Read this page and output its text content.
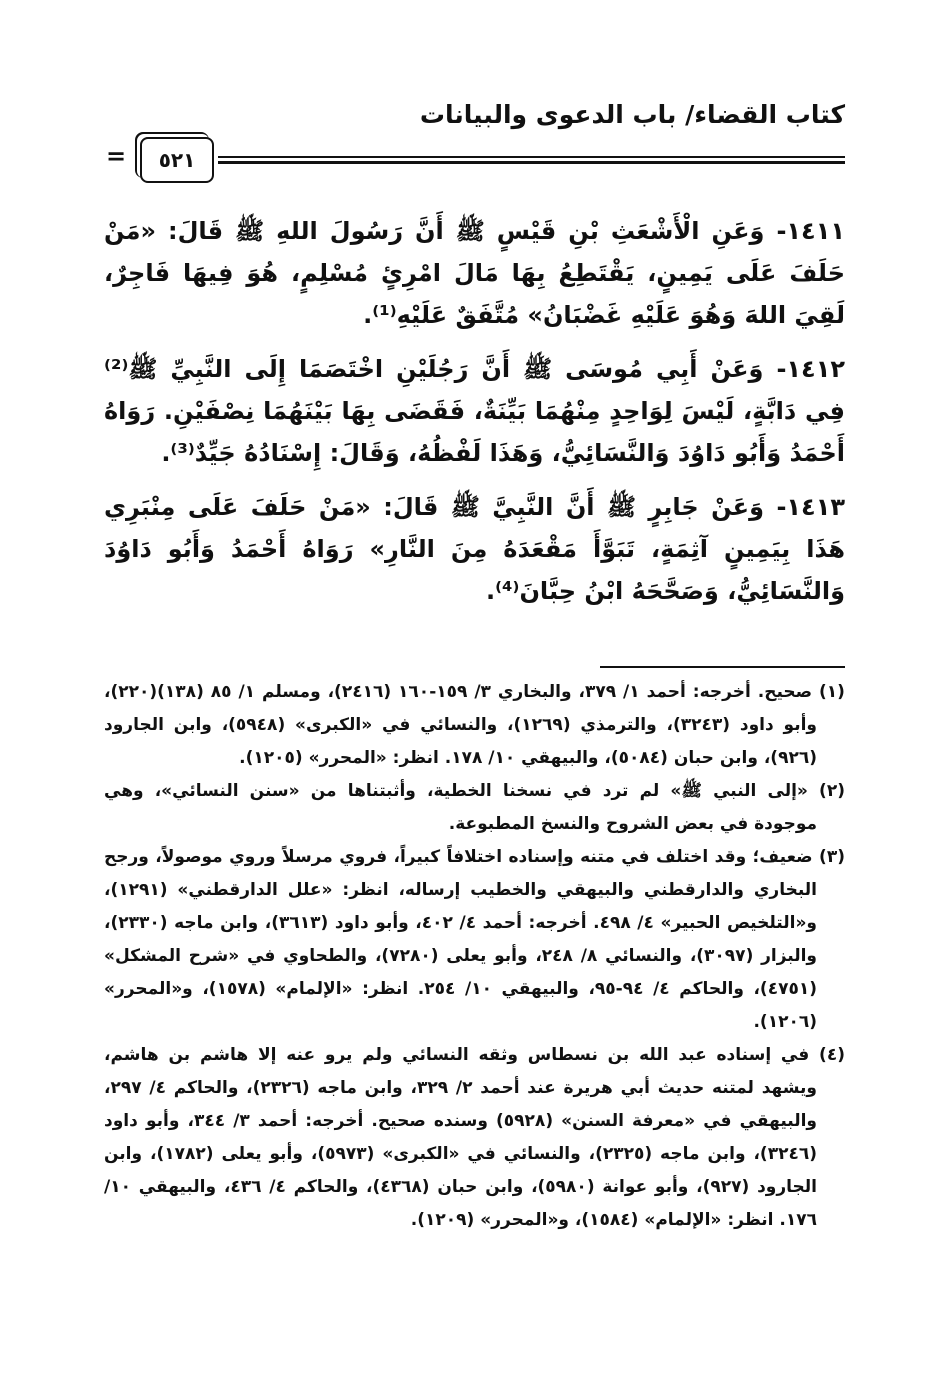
كتاب القضاء/ باب الدعوى والبيانات
=	٥٢١

١٤١١- وَعَنِ الْأَشْعَثِ بْنِ قَيْسٍ ﷺ أَنَّ رَسُولَ اللهِ ﷺ قَالَ: «مَنْ حَلَفَ عَلَى يَمِينٍ، يَقْتَطِعُ بِهَا مَالَ امْرِئٍ مُسْلِمٍ، هُوَ فِيهَا فَاجِرٌ، لَقِيَ اللهَ وَهُوَ عَلَيْهِ غَضْبَانُ» مُتَّفَقٌ عَلَيْهِ⁽¹⁾.

١٤١٢- وَعَنْ أَبِي مُوسَى ﷺ أَنَّ رَجُلَيْنِ اخْتَصَمَا إِلَى النَّبِيِّ ﷺ⁽²⁾ فِي دَابَّةٍ، لَيْسَ لِوَاحِدٍ مِنْهُمَا بَيِّنَةٌ، فَقَضَى بِهَا بَيْنَهُمَا نِصْفَيْنِ. رَوَاهُ أَحْمَدُ وَأَبُو دَاوُدَ وَالنَّسَائِيُّ، وَهَذَا لَفْظُهُ، وَقَالَ: إِسْنَادُهُ جَيِّدٌ⁽³⁾.

١٤١٣- وَعَنْ جَابِرٍ ﷺ أَنَّ النَّبِيَّ ﷺ قَالَ: «مَنْ حَلَفَ عَلَى مِنْبَرِي هَذَا بِيَمِينٍ آثِمَةٍ، تَبَوَّأَ مَقْعَدَهُ مِنَ النَّارِ» رَوَاهُ أَحْمَدُ وَأَبُو دَاوُدَ وَالنَّسَائِيُّ، وَصَحَّحَهُ ابْنُ حِبَّانَ⁽⁴⁾.

(١) صحيح. أخرجه: أحمد ١/ ٣٧٩، والبخاري ٣/ ١٥٩-١٦٠ (٢٤١٦)، ومسلم ١/ ٨٥ (١٣٨)(٢٢٠)، وأبو داود (٣٢٤٣)، والترمذي (١٢٦٩)، والنسائي في «الكبرى» (٥٩٤٨)، وابن الجارود (٩٢٦)، وابن حبان (٥٠٨٤)، والبيهقي ١٠/ ١٧٨. انظر: «المحرر» (١٢٠٥).

(٢) «إلى النبي ﷺ» لم ترد في نسخنا الخطية، وأثبتناها من «سنن النسائي»، وهي موجودة في بعض الشروح والنسخ المطبوعة.

(٣) ضعيف؛ وقد اختلف في متنه وإسناده اختلافاً كبيراً، فروي مرسلاً وروي موصولاً، ورجح البخاري والدارقطني والبيهقي والخطيب إرساله، انظر: «علل الدارقطني» (١٢٩١)، و«التلخيص الحبير» ٤/ ٤٩٨. أخرجه: أحمد ٤/ ٤٠٢، وأبو داود (٣٦١٣)، وابن ماجه (٢٣٣٠)، والبزار (٣٠٩٧)، والنسائي ٨/ ٢٤٨، وأبو يعلى (٧٢٨٠)، والطحاوي في «شرح المشكل» (٤٧٥١)، والحاكم ٤/ ٩٤-٩٥، والبيهقي ١٠/ ٢٥٤. انظر: «الإلمام» (١٥٧٨)، و«المحرر» (١٢٠٦).

(٤) في إسناده عبد الله بن نسطاس وثقه النسائي ولم يرو عنه إلا هاشم بن هاشم، ويشهد لمتنه حديث أبي هريرة عند أحمد ٢/ ٣٢٩، وابن ماجه (٢٣٢٦)، والحاكم ٤/ ٢٩٧، والبيهقي في «معرفة السنن» (٥٩٢٨) وسنده صحيح. أخرجه: أحمد ٣/ ٣٤٤، وأبو داود (٣٢٤٦)، وابن ماجه (٢٣٢٥)، والنسائي في «الكبرى» (٥٩٧٣)، وأبو يعلى (١٧٨٢)، وابن الجارود (٩٢٧)، وأبو عوانة (٥٩٨٠)، وابن حبان (٤٣٦٨)، والحاكم ٤/ ٤٣٦، والبيهقي ١٠/ ١٧٦. انظر: «الإلمام» (١٥٨٤)، و«المحرر» (١٢٠٩).
